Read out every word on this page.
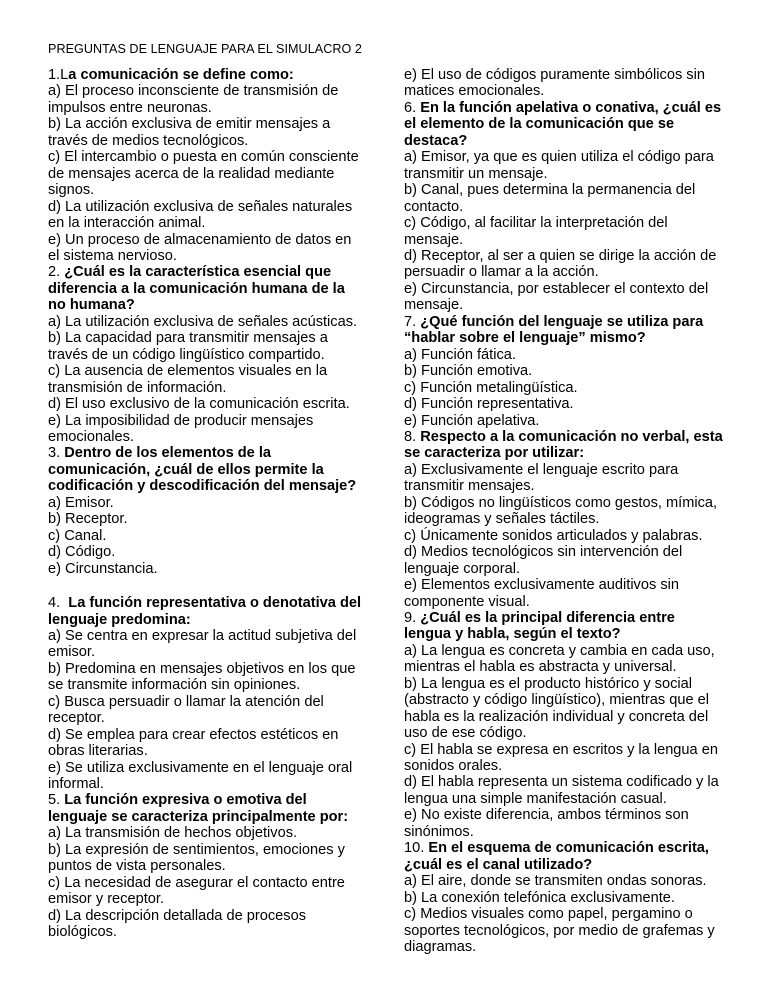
PREGUNTAS DE LENGUAJE PARA EL SIMULACRO 2

1.La comunicación se define como:

a) El proceso inconsciente de transmisión de impulsos entre neuronas.

b) La acción exclusiva de emitir mensajes a través de medios tecnológicos.

c) El intercambio o puesta en común consciente de mensajes acerca de la realidad mediante signos.

d) La utilización exclusiva de señales naturales en la interacción animal.

e) Un proceso de almacenamiento de datos en el sistema nervioso.

2. ¿Cuál es la característica esencial que diferencia a la comunicación humana de la no humana?

a) La utilización exclusiva de señales acústicas.

b) La capacidad para transmitir mensajes a través de un código lingüístico compartido.

c) La ausencia de elementos visuales en la transmisión de información.

d) El uso exclusivo de la comunicación escrita.

e) La imposibilidad de producir mensajes emocionales.

3. Dentro de los elementos de la comunicación, ¿cuál de ellos permite la codificación y descodificación del mensaje?

a) Emisor.

b) Receptor.

c) Canal.

d) Código.

e) Circunstancia.

4.  La función representativa o denotativa del lenguaje predomina:

a) Se centra en expresar la actitud subjetiva del emisor.

b) Predomina en mensajes objetivos en los que se transmite información sin opiniones.

c) Busca persuadir o llamar la atención del receptor.

d) Se emplea para crear efectos estéticos en obras literarias.

e) Se utiliza exclusivamente en el lenguaje oral informal.

5. La función expresiva o emotiva del lenguaje se caracteriza principalmente por:

a) La transmisión de hechos objetivos.

b) La expresión de sentimientos, emociones y puntos de vista personales.

c) La necesidad de asegurar el contacto entre emisor y receptor.

d) La descripción detallada de procesos biológicos.

e) El uso de códigos puramente simbólicos sin matices emocionales.

6. En la función apelativa o conativa, ¿cuál es el elemento de la comunicación que se destaca?

a) Emisor, ya que es quien utiliza el código para transmitir un mensaje.

b) Canal, pues determina la permanencia del contacto.

c) Código, al facilitar la interpretación del mensaje.

d) Receptor, al ser a quien se dirige la acción de persuadir o llamar a la acción.

e) Circunstancia, por establecer el contexto del mensaje.

7. ¿Qué función del lenguaje se utiliza para “hablar sobre el lenguaje” mismo?

a) Función fática.

b) Función emotiva.

c) Función metalingüística.

d) Función representativa.

e) Función apelativa.

8. Respecto a la comunicación no verbal, esta se caracteriza por utilizar:

a) Exclusivamente el lenguaje escrito para transmitir mensajes.

b) Códigos no lingüísticos como gestos, mímica, ideogramas y señales táctiles.

c) Únicamente sonidos articulados y palabras.

d) Medios tecnológicos sin intervención del lenguaje corporal.

e) Elementos exclusivamente auditivos sin componente visual.

9. ¿Cuál es la principal diferencia entre lengua y habla, según el texto?

a) La lengua es concreta y cambia en cada uso, mientras el habla es abstracta y universal.

b) La lengua es el producto histórico y social (abstracto y código lingüístico), mientras que el habla es la realización individual y concreta del uso de ese código.

c) El habla se expresa en escritos y la lengua en sonidos orales.

d) El habla representa un sistema codificado y la lengua una simple manifestación casual.

e) No existe diferencia, ambos términos son sinónimos.

10. En el esquema de comunicación escrita, ¿cuál es el canal utilizado?

a) El aire, donde se transmiten ondas sonoras.

b) La conexión telefónica exclusivamente.

c) Medios visuales como papel, pergamino o soportes tecnológicos, por medio de grafemas y diagramas.
